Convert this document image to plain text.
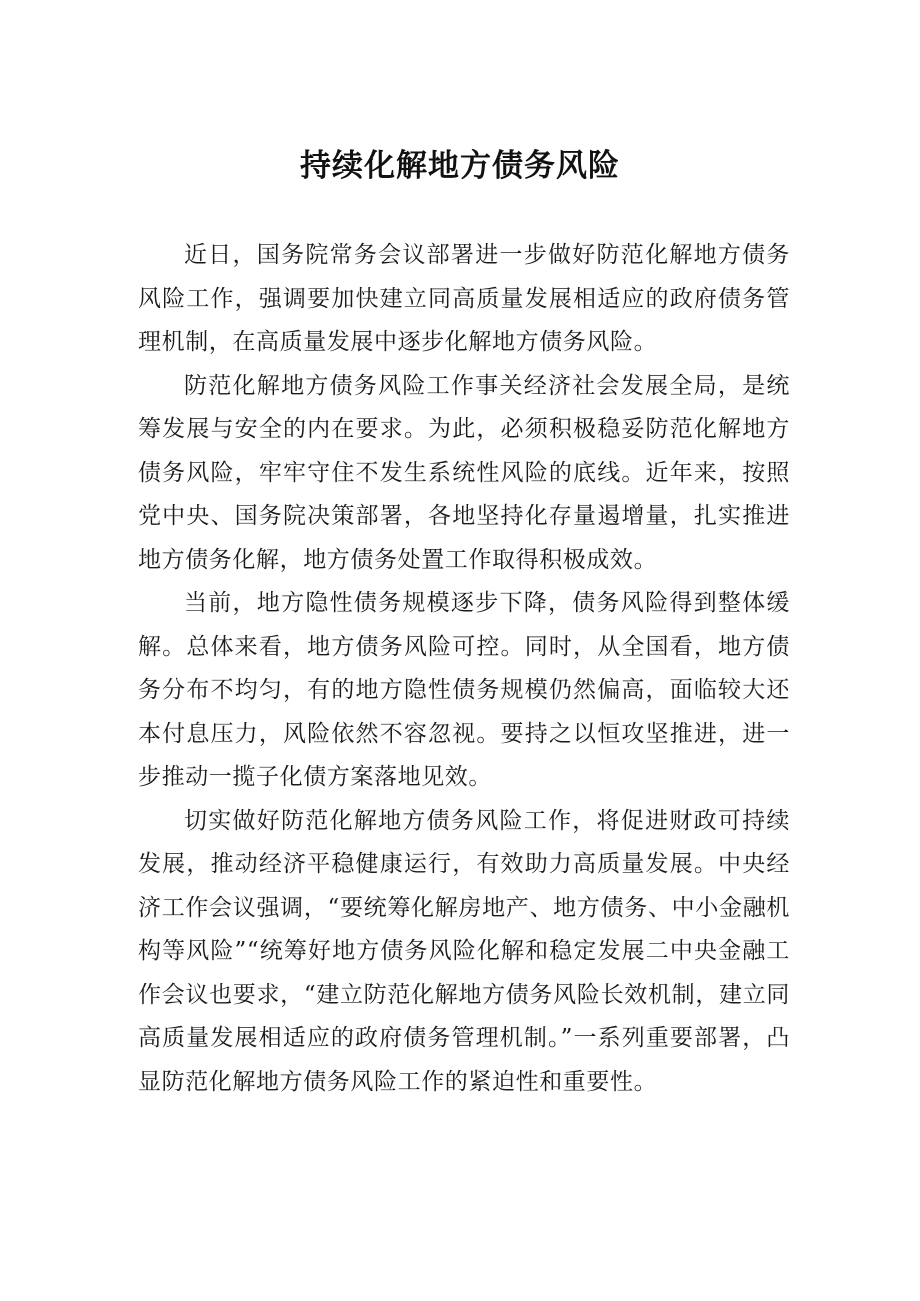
持续化解地方债务风险

近日，国务院常务会议部署进一步做好防范化解地方债务风险工作，强调要加快建立同高质量发展相适应的政府债务管理机制，在高质量发展中逐步化解地方债务风险。

防范化解地方债务风险工作事关经济社会发展全局，是统筹发展与安全的内在要求。为此，必须积极稳妥防范化解地方债务风险，牢牢守住不发生系统性风险的底线。近年来，按照党中央、国务院决策部署，各地坚持化存量遏增量，扎实推进地方债务化解，地方债务处置工作取得积极成效。

当前，地方隐性债务规模逐步下降，债务风险得到整体缓解。总体来看，地方债务风险可控。同时，从全国看，地方债务分布不均匀，有的地方隐性债务规模仍然偏高，面临较大还本付息压力，风险依然不容忽视。要持之以恒攻坚推进，进一步推动一揽子化债方案落地见效。

切实做好防范化解地方债务风险工作，将促进财政可持续发展，推动经济平稳健康运行，有效助力高质量发展。中央经济工作会议强调，“要统筹化解房地产、地方债务、中小金融机构等风险”“统筹好地方债务风险化解和稳定发展二中央金融工作会议也要求，“建立防范化解地方债务风险长效机制，建立同高质量发展相适应的政府债务管理机制。”一系列重要部署，凸显防范化解地方债务风险工作的紧迫性和重要性。
